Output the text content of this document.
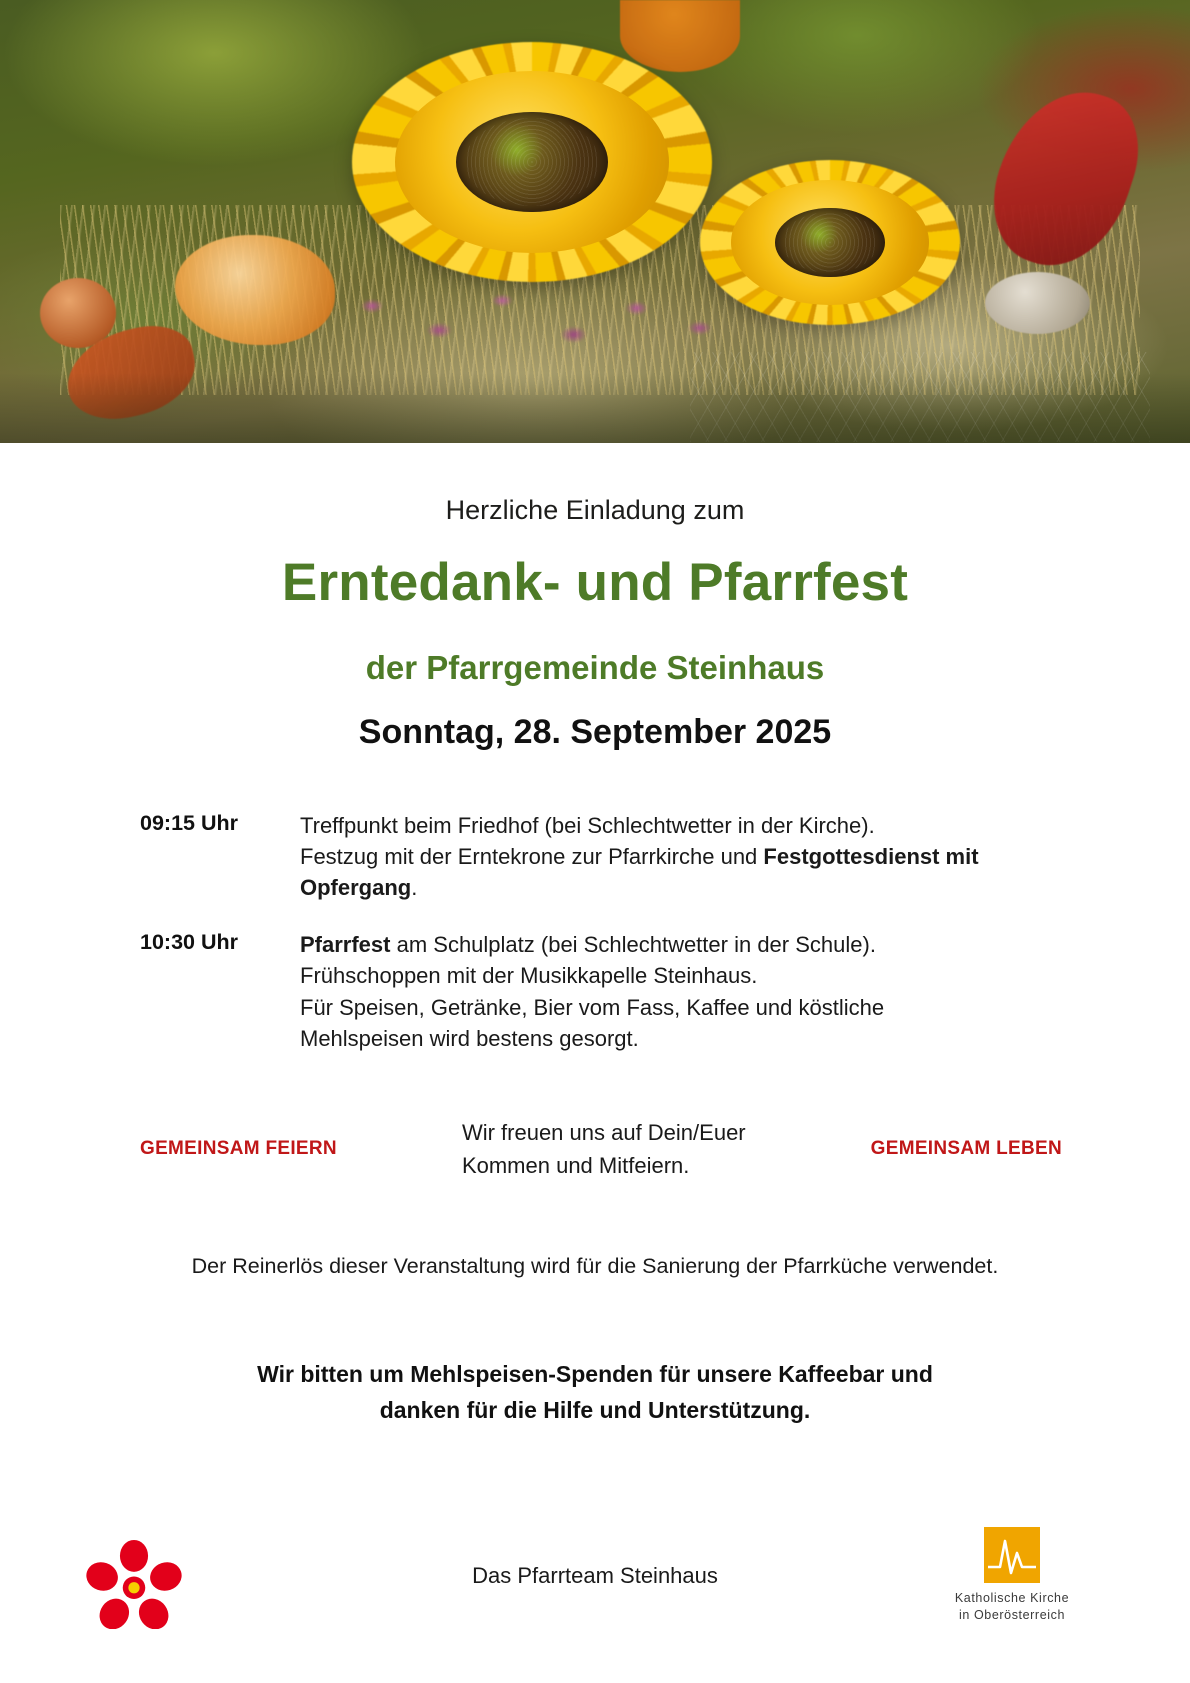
Herzliche Einladung zum
Erntedank- und Pfarrfest
der Pfarrgemeinde Steinhaus
Sonntag, 28. September 2025
09:15 Uhr	Treffpunkt beim Friedhof (bei Schlechtwetter in der Kirche).
Festzug mit der Erntekrone zur Pfarrkirche und Festgottesdienst mit Opfergang.
10:30 Uhr	Pfarrfest am Schulplatz (bei Schlechtwetter in der Schule).
Frühschoppen mit der Musikkapelle Steinhaus.
Für Speisen, Getränke, Bier vom Fass, Kaffee und köstliche
Mehlspeisen wird bestens gesorgt.
GEMEINSAM FEIERN
Wir freuen uns auf Dein/Euer
Kommen und Mitfeiern.
GEMEINSAM LEBEN
Der Reinerlös dieser Veranstaltung wird für die Sanierung der Pfarrküche verwendet.
Wir bitten um Mehlspeisen-Spenden für unsere Kaffeebar und
danken für die Hilfe und Unterstützung.
Das Pfarrteam Steinhaus
Katholische Kirche
in Oberösterreich
